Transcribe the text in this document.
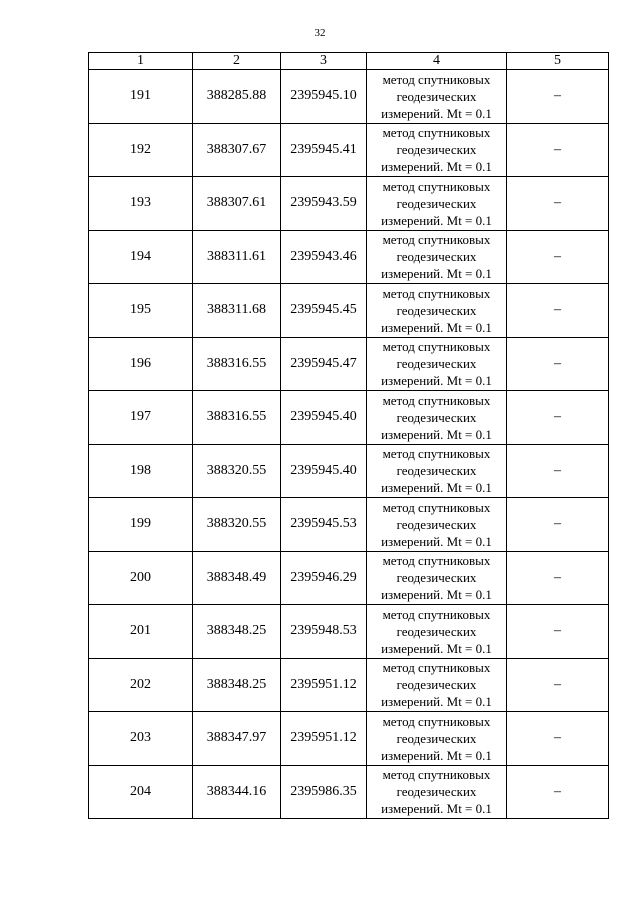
32
1	2	3	4	5
191	388285.88	2395945.10	метод спутниковых
геодезических
измерений. Mt = 0.1	–
192	388307.67	2395945.41	метод спутниковых
геодезических
измерений. Mt = 0.1	–
193	388307.61	2395943.59	метод спутниковых
геодезических
измерений. Mt = 0.1	–
194	388311.61	2395943.46	метод спутниковых
геодезических
измерений. Mt = 0.1	–
195	388311.68	2395945.45	метод спутниковых
геодезических
измерений. Mt = 0.1	–
196	388316.55	2395945.47	метод спутниковых
геодезических
измерений. Mt = 0.1	–
197	388316.55	2395945.40	метод спутниковых
геодезических
измерений. Mt = 0.1	–
198	388320.55	2395945.40	метод спутниковых
геодезических
измерений. Mt = 0.1	–
199	388320.55	2395945.53	метод спутниковых
геодезических
измерений. Mt = 0.1	–
200	388348.49	2395946.29	метод спутниковых
геодезических
измерений. Mt = 0.1	–
201	388348.25	2395948.53	метод спутниковых
геодезических
измерений. Mt = 0.1	–
202	388348.25	2395951.12	метод спутниковых
геодезических
измерений. Mt = 0.1	–
203	388347.97	2395951.12	метод спутниковых
геодезических
измерений. Mt = 0.1	–
204	388344.16	2395986.35	метод спутниковых
геодезических
измерений. Mt = 0.1	–
